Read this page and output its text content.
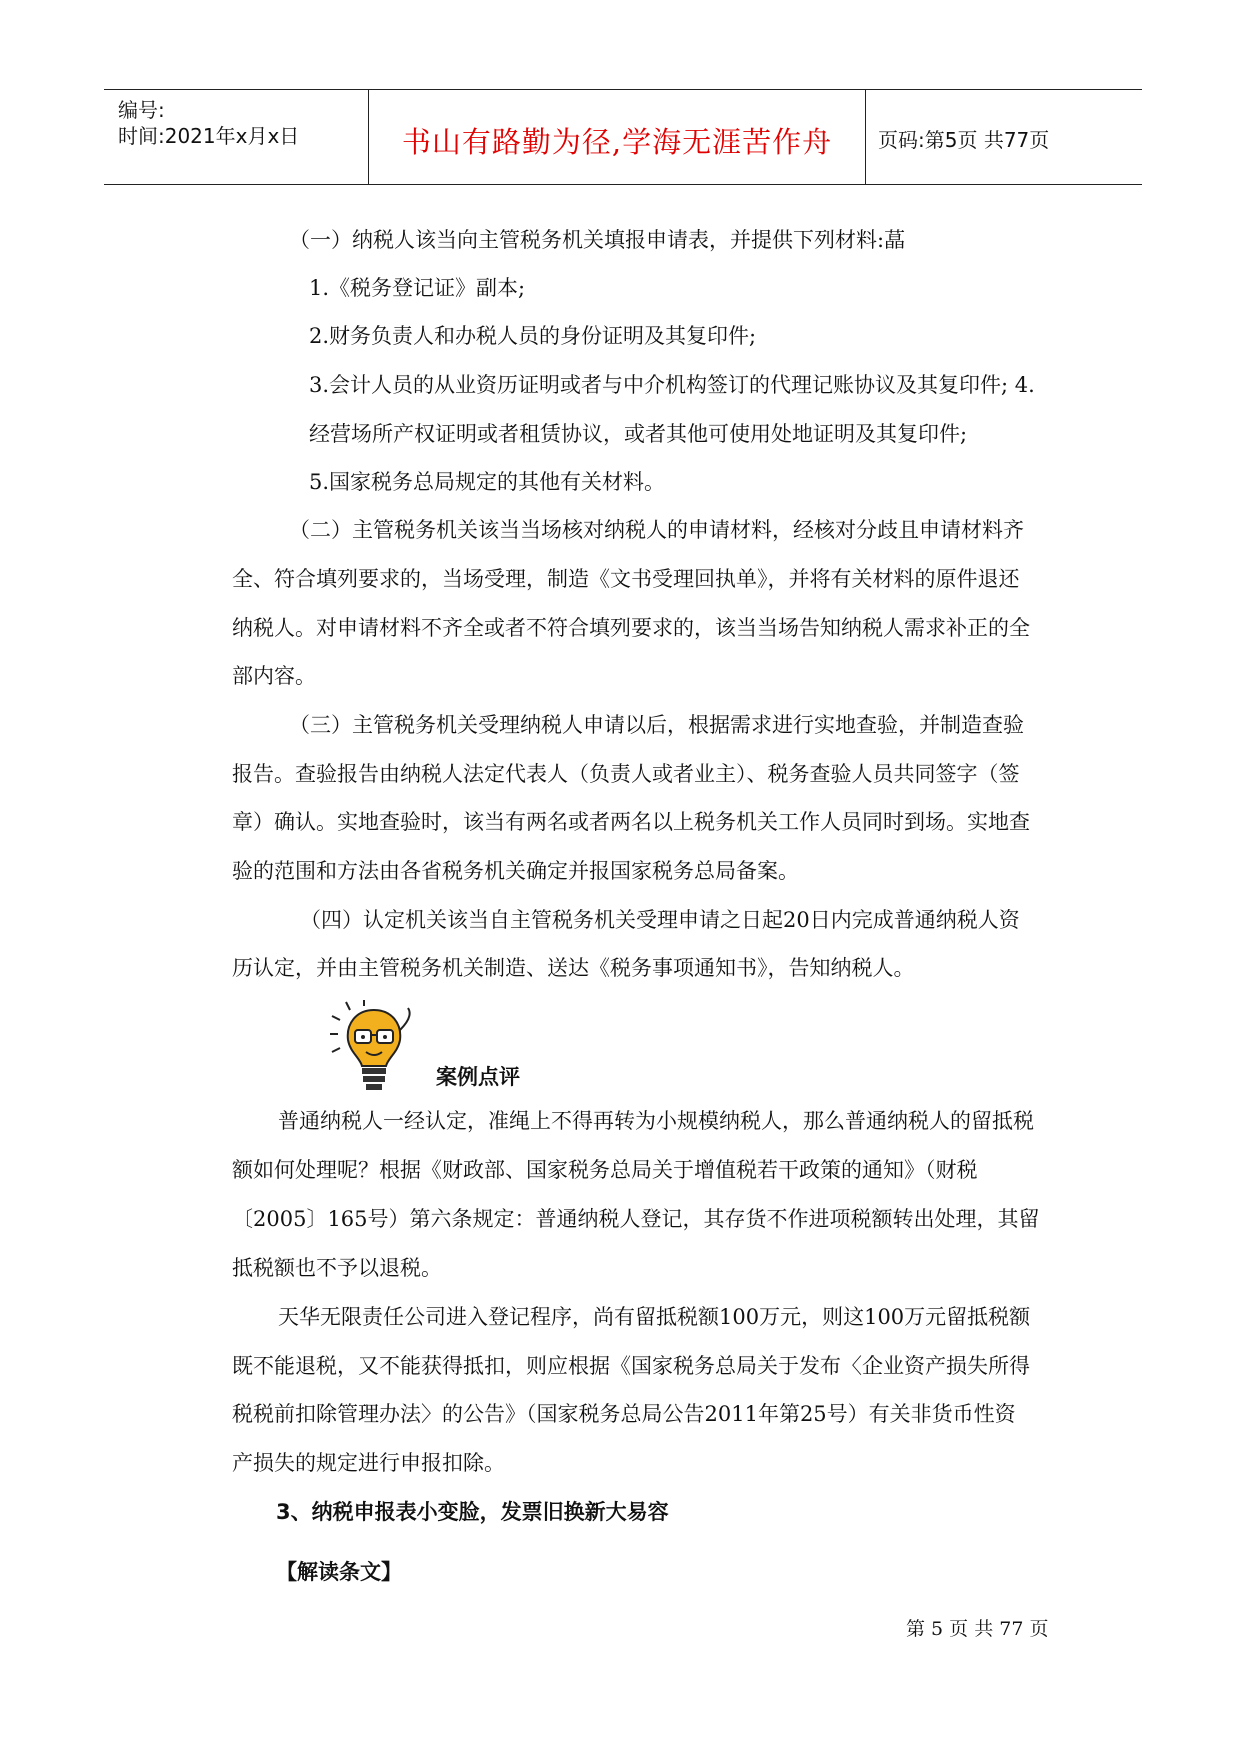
编号:
时间:2021年x月x日	书山有路勤为径,学海无涯苦作舟	页码:第5页 共77页
（一）纳税人该当向主管税务机关填报申请表，并提供下列材料:蕌
1.《税务登记证》副本;
2.财务负责人和办税人员的身份证明及其复印件;
3.会计人员的从业资历证明或者与中介机构签订的代理记账协议及其复印件; 4.
经营场所产权证明或者租赁协议，或者其他可使用处地证明及其复印件;
5.国家税务总局规定的其他有关材料。
（二）主管税务机关该当当场核对纳税人的申请材料，经核对分歧且申请材料齐
全、符合填列要求的，当场受理，制造《文书受理回执单》，并将有关材料的原件退还
纳税人。对申请材料不齐全或者不符合填列要求的，该当当场告知纳税人需求补正的全
部内容。
（三）主管税务机关受理纳税人申请以后，根据需求进行实地查验，并制造查验
报告。查验报告由纳税人法定代表人（负责人或者业主）、税务查验人员共同签字（签
章）确认。实地查验时，该当有两名或者两名以上税务机关工作人员同时到场。实地查
验的范围和方法由各省税务机关确定并报国家税务总局备案。
（四）认定机关该当自主管税务机关受理申请之日起20日内完成普通纳税人资
历认定，并由主管税务机关制造、送达《税务事项通知书》，告知纳税人。
案例点评
普通纳税人一经认定，准绳上不得再转为小规模纳税人，那么普通纳税人的留抵税
额如何处理呢？根据《财政部、国家税务总局关于增值税若干政策的通知》（财税
〔2005〕165号）第六条规定：普通纳税人登记，其存货不作进项税额转出处理，其留
抵税额也不予以退税。
天华无限责任公司进入登记程序，尚有留抵税额100万元，则这100万元留抵税额
既不能退税，又不能获得抵扣，则应根据《国家税务总局关于发布〈企业资产损失所得
税税前扣除管理办法〉的公告》（国家税务总局公告2011年第25号）有关非货币性资
产损失的规定进行申报扣除。
3、纳税申报表小变脸，发票旧换新大易容
【解读条文】
第 5 页 共 77 页
